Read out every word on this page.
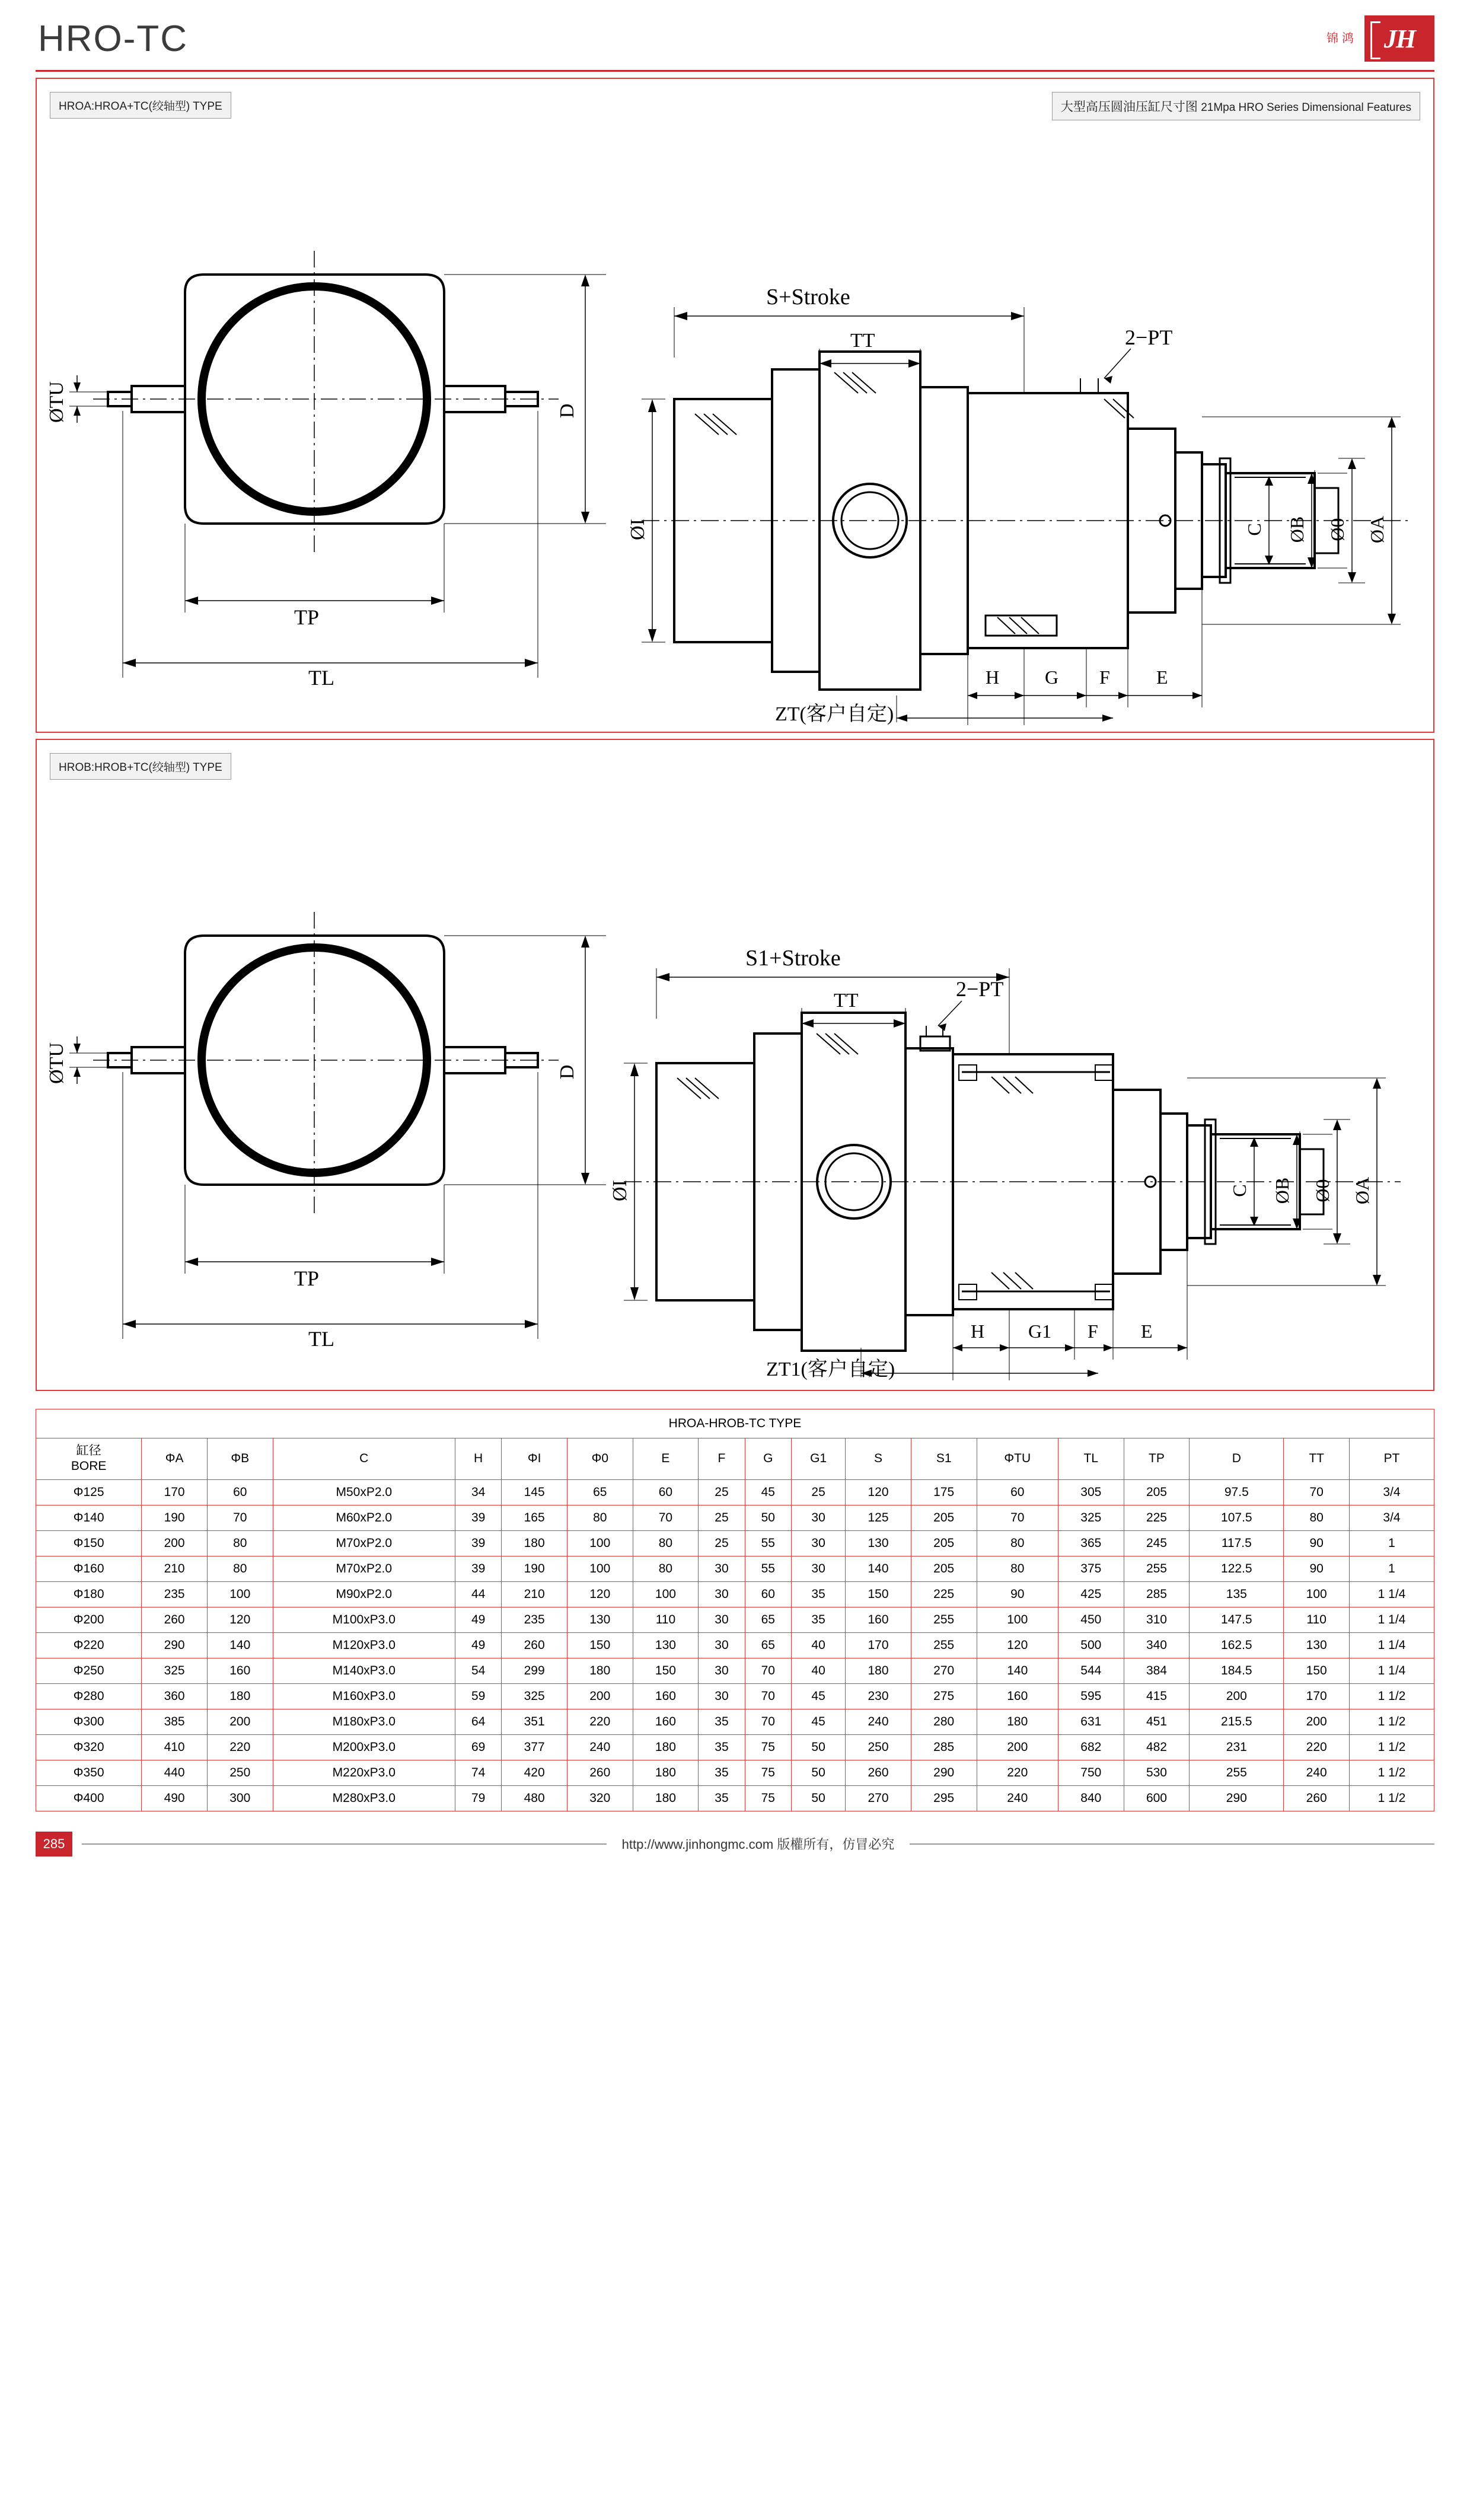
HRO-TC	锦鸿 JH
HROA:HROA+TC(绞轴型) TYPE	大型高压圆油压缸尺寸图 21Mpa HRO Series Dimensional Features
S+Stroke
TT	2−PT
ZT(客户自定)
H G F E
D
TP
TL
ØI
ØTU
C ØB Ø0 ØA
HROB:HROB+TC(绞轴型) TYPE
S1+Stroke
TT	2−PT
ZT1(客户自定)
H G1 F E
D
TP
TL
ØI
ØTU
C ØB Ø0 ØA
HROA-HROB-TC TYPE																		
缸径
BORE	ΦA	ΦB	C	H	ΦI	Φ0	E	F	G	G1	S	S1	ΦTU	TL	TP	D	TT	PT
Φ125	170	60	M50xP2.0	34	145	65	60	25	45	25	120	175	60	305	205	97.5	70	3/4
Φ140	190	70	M60xP2.0	39	165	80	70	25	50	30	125	205	70	325	225	107.5	80	3/4
Φ150	200	80	M70xP2.0	39	180	100	80	25	55	30	130	205	80	365	245	117.5	90	1
Φ160	210	80	M70xP2.0	39	190	100	80	30	55	30	140	205	80	375	255	122.5	90	1
Φ180	235	100	M90xP2.0	44	210	120	100	30	60	35	150	225	90	425	285	135	100	1 1/4
Φ200	260	120	M100xP3.0	49	235	130	110	30	65	35	160	255	100	450	310	147.5	110	1 1/4
Φ220	290	140	M120xP3.0	49	260	150	130	30	65	40	170	255	120	500	340	162.5	130	1 1/4
Φ250	325	160	M140xP3.0	54	299	180	150	30	70	40	180	270	140	544	384	184.5	150	1 1/4
Φ280	360	180	M160xP3.0	59	325	200	160	30	70	45	230	275	160	595	415	200	170	1 1/2
Φ300	385	200	M180xP3.0	64	351	220	160	35	70	45	240	280	180	631	451	215.5	200	1 1/2
Φ320	410	220	M200xP3.0	69	377	240	180	35	75	50	250	285	200	682	482	231	220	1 1/2
Φ350	440	250	M220xP3.0	74	420	260	180	35	75	50	260	290	220	750	530	255	240	1 1/2
Φ400	490	300	M280xP3.0	79	480	320	180	35	75	50	270	295	240	840	600	290	260	1 1/2
285	http://www.jinhongmc.com 版權所有，仿冒必究
